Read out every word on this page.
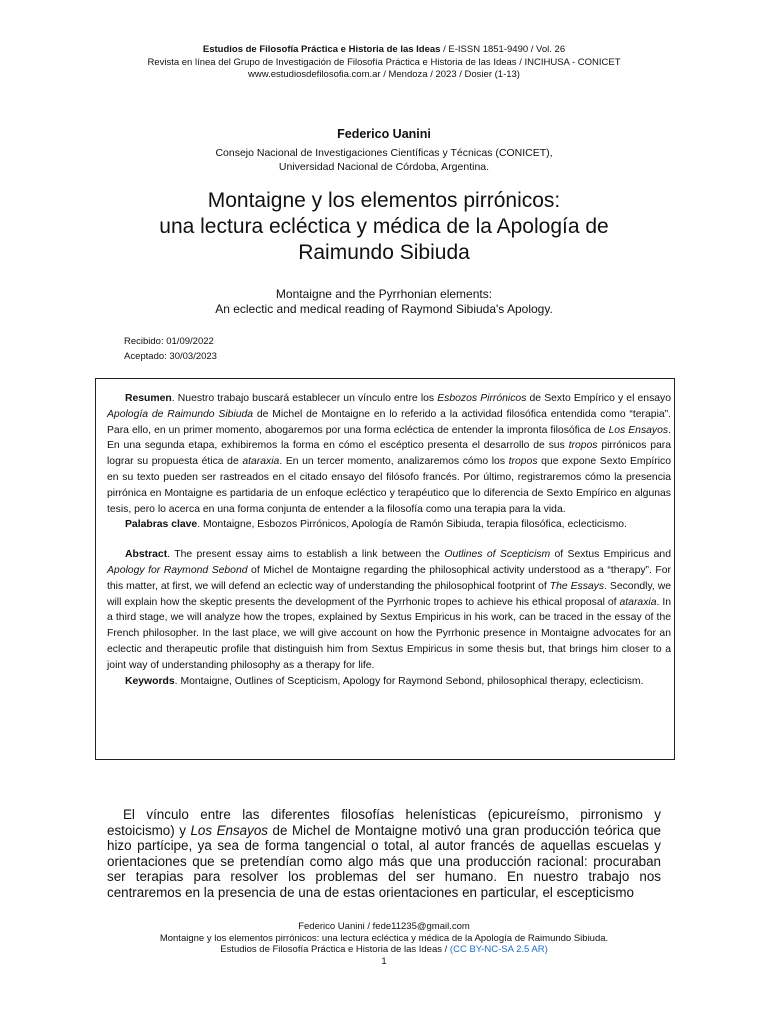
Estudios de Filosofía Práctica e Historia de las Ideas / E-ISSN 1851-9490 / Vol. 26
Revista en línea del Grupo de Investigación de Filosofía Práctica e Historia de las Ideas / INCIHUSA - CONICET
www.estudiosdefilosofia.com.ar / Mendoza / 2023 / Dosier (1-13)
Federico Uanini
Consejo Nacional de Investigaciones Científicas y Técnicas (CONICET),
Universidad Nacional de Córdoba, Argentina.
Montaigne y los elementos pirrónicos:
una lectura ecléctica y médica de la Apología de
Raimundo Sibiuda
Montaigne and the Pyrrhonian elements:
An eclectic and medical reading of Raymond Sibiuda's Apology.
Recibido: 01/09/2022
Aceptado: 30/03/2023

Resumen. Nuestro trabajo buscará establecer un vínculo entre los Esbozos Pirrónicos de Sexto Empírico y el ensayo Apología de Raimundo Sibiuda de Michel de Montaigne en lo referido a la actividad filosófica entendida como “terapia”. Para ello, en un primer momento, abogaremos por una forma ecléctica de entender la impronta filosófica de Los Ensayos. En una segunda etapa, exhibiremos la forma en cómo el escéptico presenta el desarrollo de sus tropos pirrónicos para lograr su propuesta ética de ataraxia. En un tercer momento, analizaremos cómo los tropos que expone Sexto Empírico en su texto pueden ser rastreados en el citado ensayo del filósofo francés. Por último, registraremos cómo la presencia pirrónica en Montaigne es partidaria de un enfoque ecléctico y terapéutico que lo diferencia de Sexto Empírico en algunas tesis, pero lo acerca en una forma conjunta de entender a la filosofía como una terapia para la vida.

Palabras clave. Montaigne, Esbozos Pirrónicos, Apología de Ramón Sibiuda, terapia filosófica, eclecticismo.

Abstract. The present essay aims to establish a link between the Outlines of Scepticism of Sextus Empiricus and Apology for Raymond Sebond of Michel de Montaigne regarding the philosophical activity understood as a “therapy”. For this matter, at first, we will defend an eclectic way of understanding the philosophical footprint of The Essays. Secondly, we will explain how the skeptic presents the development of the Pyrrhonic tropes to achieve his ethical proposal of ataraxia. In a third stage, we will analyze how the tropes, explained by Sextus Empiricus in his work, can be traced in the essay of the French philosopher. In the last place, we will give account on how the Pyrrhonic presence in Montaigne advocates for an eclectic and therapeutic profile that distinguish him from Sextus Empiricus in some thesis but, that brings him closer to a joint way of understanding philosophy as a therapy for life.

Keywords. Montaigne, Outlines of Scepticism, Apology for Raymond Sebond, philosophical therapy, eclecticism.

El vínculo entre las diferentes filosofías helenísticas (epicureísmo, pirronismo y estoicismo) y Los Ensayos de Michel de Montaigne motivó una gran producción teórica que hizo partícipe, ya sea de forma tangencial o total, al autor francés de aquellas escuelas y orientaciones que se pretendían como algo más que una producción racional: procuraban ser terapias para resolver los problemas del ser humano. En nuestro trabajo nos centraremos en la presencia de una de estas orientaciones en particular, el escepticismo
Federico Uanini / fede11235@gmail.com
Montaigne y los elementos pirrónicos: una lectura ecléctica y médica de la Apología de Raimundo Sibiuda.
Estudios de Filosofía Práctica e Historia de las Ideas / (CC BY-NC-SA 2.5 AR)
1
